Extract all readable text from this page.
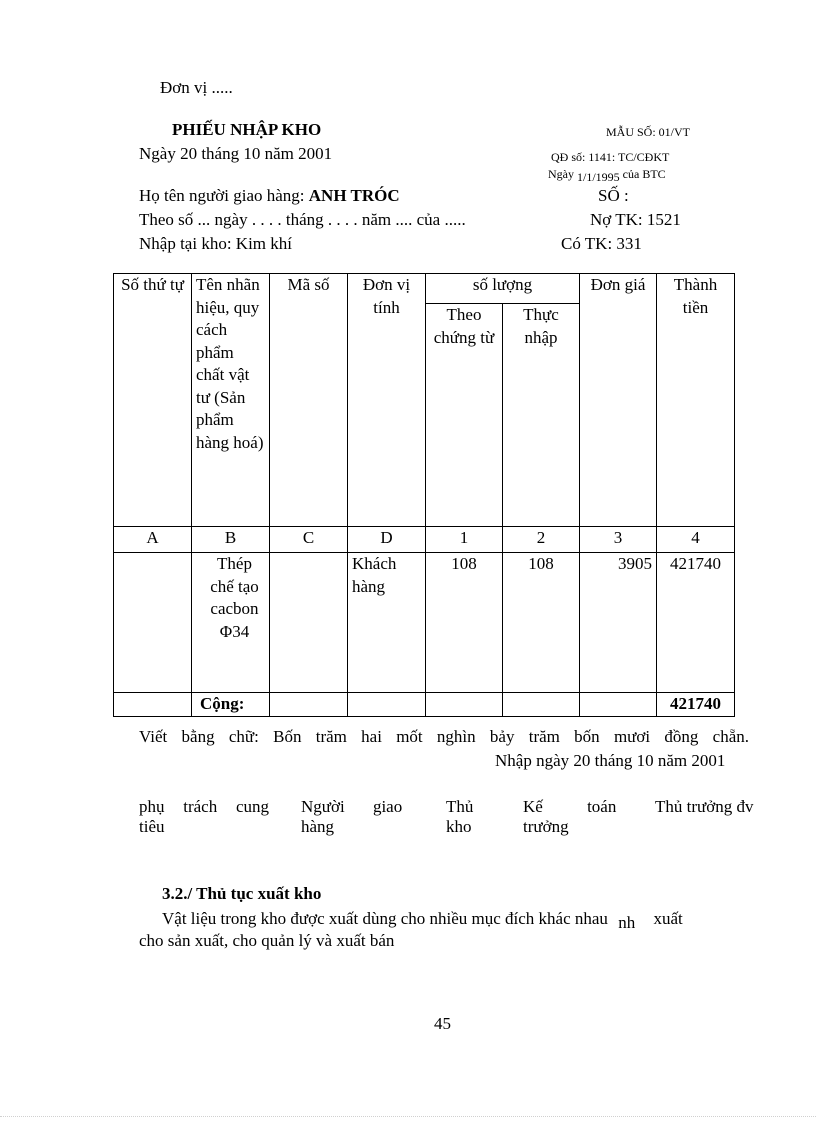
Đơn vị .....
PHIẾU NHẬP KHO	MẪU SỐ: 01/VT
Ngày 20 tháng 10 năm 2001	QĐ số: 1141: TC/CĐKT
Ngày 1/1/1995 của BTC
Họ tên người giao hàng: ANH TRÓC	SỐ :
Theo số ... ngày . . . . tháng . . . . năm .... của .....	Nợ TK: 1521
Nhập tại kho: Kim khí	Có TK: 331
Số thứ tự	Tên nhãn hiệu, quy cách phẩm chất vật tư (Sản phẩm hàng hoá)	Mã số	Đơn vị tính	số lượng		Đơn giá	Thành tiền
				Theo chứng từ	Thực nhập		
A	B	C	D	1	2	3	4
	Thép chế tạo cacbon Φ34		Khách hàng	108	108	3905	421740
	Cộng:						421740
Viết bằng chữ: Bốn trăm hai mốt nghìn bảy trăm bốn mươi đồng chẵn.
Nhập ngày 20 tháng 10 năm 2001
phụ trách cung tiêu
Người giao hàng
Thủ kho
Kế toán trưởng
Thủ trưởng đv
3.2./ Thủ tục xuất kho
Vật liệu trong kho được xuất dùng cho nhiều mục đích khác nhau nh xuất
cho sản xuất, cho quản lý và xuất bán
45
